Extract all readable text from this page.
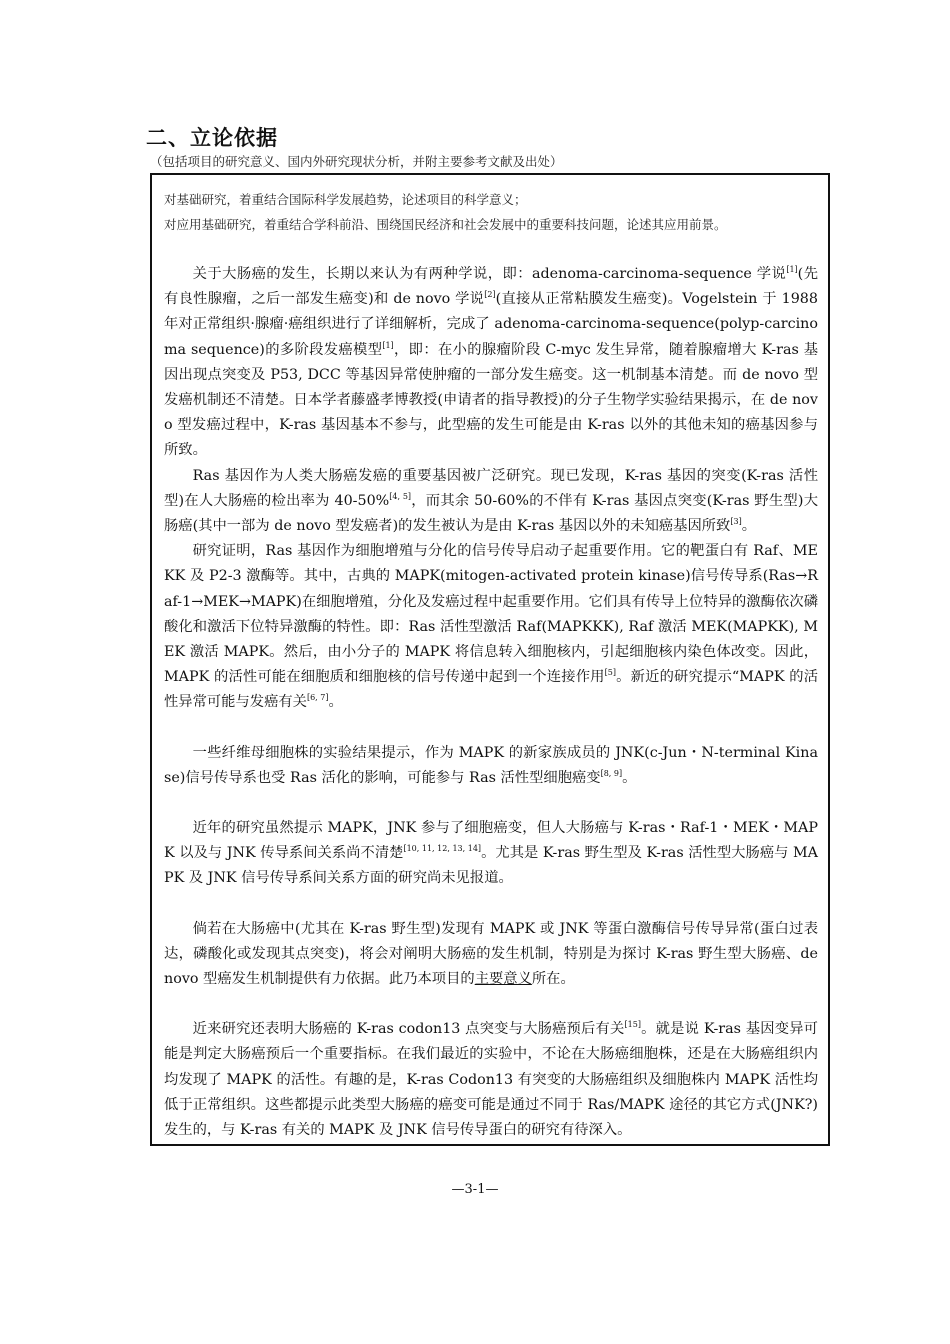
二、立论依据
（包括项目的研究意义、国内外研究现状分析，并附主要参考文献及出处）
对基础研究，着重结合国际科学发展趋势，论述项目的科学意义；
对应用基础研究，着重结合学科前沿、围绕国民经济和社会发展中的重要科技问题，论述其应用前景。

关于大肠癌的发生，长期以来认为有两种学说，即：adenoma-carcinoma-sequence 学说[1](先有良性腺瘤，之后一部发生癌变)和 de novo 学说[2](直接从正常粘膜发生癌变)。Vogelstein 于 1988 年对正常组织·腺瘤·癌组织进行了详细解析，完成了 adenoma-carcinoma-sequence(polyp-carcinoma sequence)的多阶段发癌模型[1]，即：在小的腺瘤阶段 C-myc 发生异常，随着腺瘤增大 K-ras 基因出现点突变及 P53, DCC 等基因异常使肿瘤的一部分发生癌变。这一机制基本清楚。而 de novo 型发癌机制还不清楚。日本学者藤盛孝博教授(申请者的指导教授)的分子生物学实验结果揭示，在 de novo 型发癌过程中，K-ras 基因基本不参与，此型癌的发生可能是由 K-ras 以外的其他未知的癌基因参与所致。

Ras 基因作为人类大肠癌发癌的重要基因被广泛研究。现已发现，K-ras 基因的突变(K-ras 活性型)在人大肠癌的检出率为 40-50%[4, 5]，而其余 50-60%的不伴有 K-ras 基因点突变(K-ras 野生型)大肠癌(其中一部为 de novo 型发癌者)的发生被认为是由 K-ras 基因以外的未知癌基因所致[3]。

研究证明，Ras 基因作为细胞增殖与分化的信号传导启动子起重要作用。它的靶蛋白有 Raf、MEKK 及 P2-3 激酶等。其中，古典的 MAPK(mitogen-activated protein kinase)信号传导系(Ras→Raf-1→MEK→MAPK)在细胞增殖，分化及发癌过程中起重要作用。它们具有传导上位特异的激酶依次磷酸化和激活下位特异激酶的特性。即：Ras 活性型激活 Raf(MAPKKK), Raf 激活 MEK(MAPKK), MEK 激活 MAPK。然后，由小分子的 MAPK 将信息转入细胞核内，引起细胞核内染色体改变。因此，MAPK 的活性可能在细胞质和细胞核的信号传递中起到一个连接作用[5]。新近的研究提示“MAPK 的活性异常可能与发癌有关[6, 7]。

一些纤维母细胞株的实验结果提示，作为 MAPK 的新家族成员的 JNK(c-Jun・N-terminal Kinase)信号传导系也受 Ras 活化的影响，可能参与 Ras 活性型细胞癌变[8, 9]。

近年的研究虽然提示 MAPK，JNK 参与了细胞癌变，但人大肠癌与 K-ras・Raf-1・MEK・MAPK 以及与 JNK 传导系间关系尚不清楚[10, 11, 12, 13, 14]。尤其是 K-ras 野生型及 K-ras 活性型大肠癌与 MAPK 及 JNK 信号传导系间关系方面的研究尚未见报道。

倘若在大肠癌中(尤其在 K-ras 野生型)发现有 MAPK 或 JNK 等蛋白激酶信号传导异常(蛋白过表达，磷酸化或发现其点突变)，将会对阐明大肠癌的发生机制，特别是为探讨 K-ras 野生型大肠癌、de novo 型癌发生机制提供有力依据。此乃本项目的主要意义所在。

近来研究还表明大肠癌的 K-ras codon13 点突变与大肠癌预后有关[15]。就是说 K-ras 基因变异可能是判定大肠癌预后一个重要指标。在我们最近的实验中，不论在大肠癌细胞株，还是在大肠癌组织内均发现了 MAPK 的活性。有趣的是，K-ras Codon13 有突变的大肠癌组织及细胞株内 MAPK 活性均低于正常组织。这些都提示此类型大肠癌的癌变可能是通过不同于 Ras/MAPK 途径的其它方式(JNK?)发生的，与 K-ras 有关的 MAPK 及 JNK 信号传导蛋白的研究有待深入。

—3-1—
